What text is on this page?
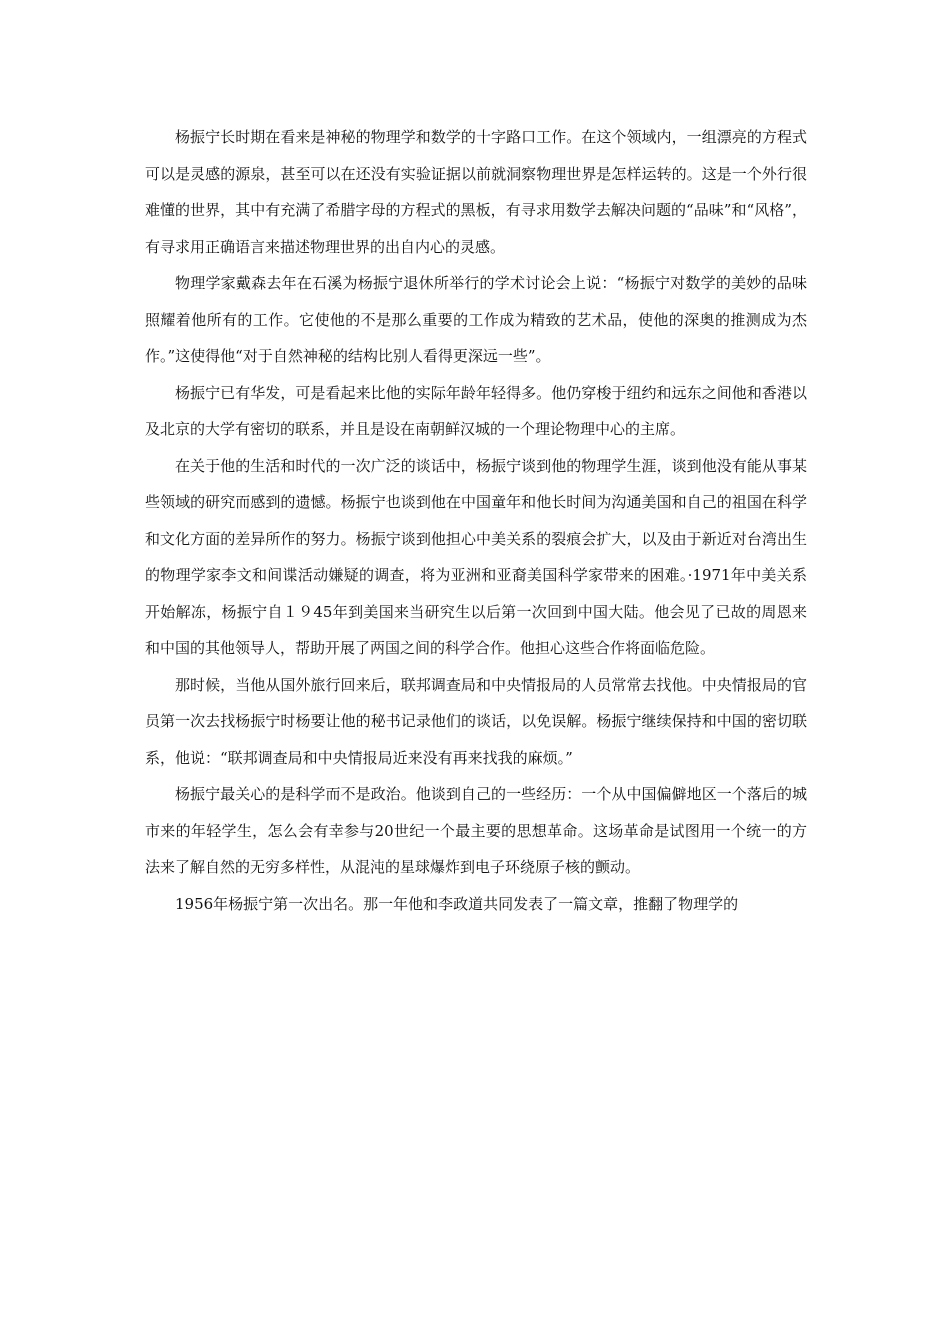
杨振宁长时期在看来是神秘的物理学和数学的十字路口工作。在这个领域内，一组漂亮的方程式可以是灵感的源泉，甚至可以在还没有实验证据以前就洞察物理世界是怎样运转的。这是一个外行很难懂的世界，其中有充满了希腊字母的方程式的黑板，有寻求用数学去解决问题的“品味”和“风格”，有寻求用正确语言来描述物理世界的出自内心的灵感。

物理学家戴森去年在石溪为杨振宁退休所举行的学术讨论会上说：“杨振宁对数学的美妙的品味照耀着他所有的工作。它使他的不是那么重要的工作成为精致的艺术品，使他的深奥的推测成为杰作。”这使得他“对于自然神秘的结构比别人看得更深远一些”。

杨振宁已有华发，可是看起来比他的实际年龄年轻得多。他仍穿梭于纽约和远东之间他和香港以及北京的大学有密切的联系，并且是设在南朝鲜汉城的一个理论物理中心的主席。

在关于他的生活和时代的一次广泛的谈话中，杨振宁谈到他的物理学生涯，谈到他没有能从事某些领域的研究而感到的遗憾。杨振宁也谈到他在中国童年和他长时间为沟通美国和自己的祖国在科学和文化方面的差异所作的努力。杨振宁谈到他担心中美关系的裂痕会扩大，以及由于新近对台湾出生的物理学家李文和间谍活动嫌疑的调查，将为亚洲和亚裔美国科学家带来的困难。·1971年中美关系开始解冻，杨振宁自１９45年到美国来当研究生以后第一次回到中国大陆。他会见了已故的周恩来和中国的其他领导人，帮助开展了两国之间的科学合作。他担心这些合作将面临危险。

那时候，当他从国外旅行回来后，联邦调查局和中央情报局的人员常常去找他。中央情报局的官员第一次去找杨振宁时杨要让他的秘书记录他们的谈话，以免误解。杨振宁继续保持和中国的密切联系，他说：“联邦调查局和中央情报局近来没有再来找我的麻烦。”

杨振宁最关心的是科学而不是政治。他谈到自己的一些经历：一个从中国偏僻地区一个落后的城市来的年轻学生，怎么会有幸参与20世纪一个最主要的思想革命。这场革命是试图用一个统一的方法来了解自然的无穷多样性，从混沌的星球爆炸到电子环绕原子核的颤动。

1956年杨振宁第一次出名。那一年他和李政道共同发表了一篇文章，推翻了物理学的
